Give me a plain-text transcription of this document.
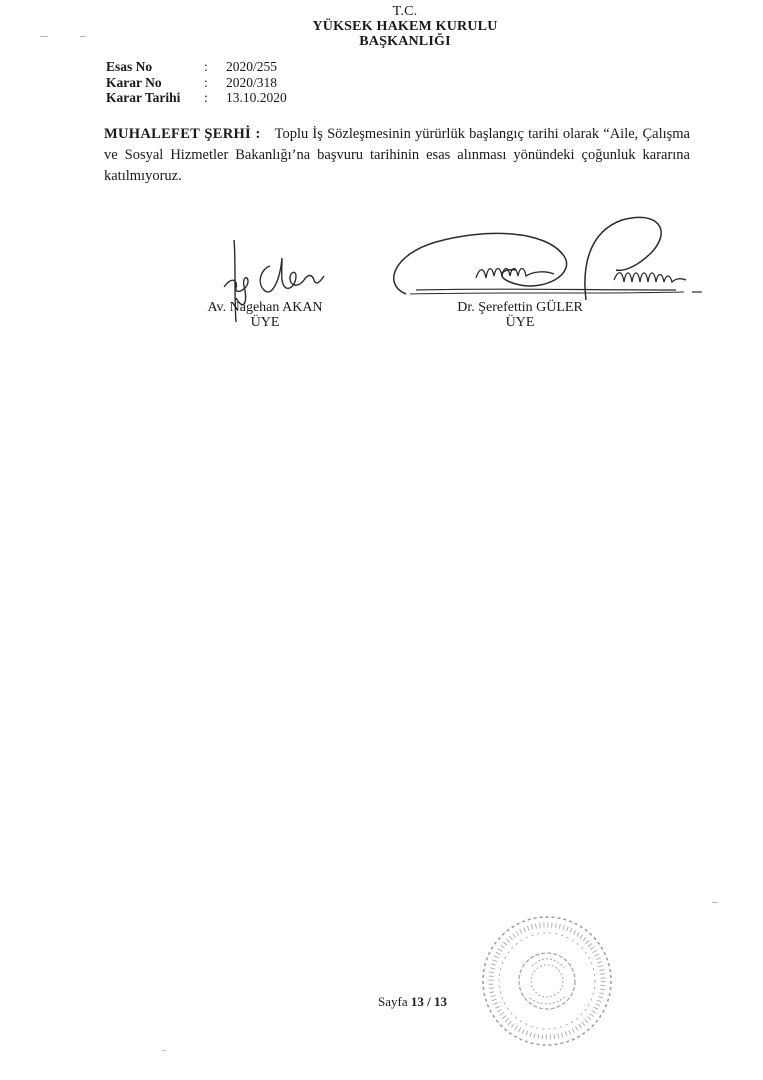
T.C.
YÜKSEK HAKEM KURULU
BAŞKANLIĞI
Esas No	:	2020/255
Karar No	:	2020/318
Karar Tarihi	:	13.10.2020
MUHALEFET ŞERHİ : Toplu İş Sözleşmesinin yürürlük başlangıç tarihi olarak “Aile, Çalışma ve Sosyal Hizmetler Bakanlığı’na başvuru tarihinin esas alınması yönündeki çoğunluk kararına katılmıyoruz.
Av. Nagehan AKAN
ÜYE
Dr. Şerefettin GÜLER
ÜYE
Sayfa 13 / 13
